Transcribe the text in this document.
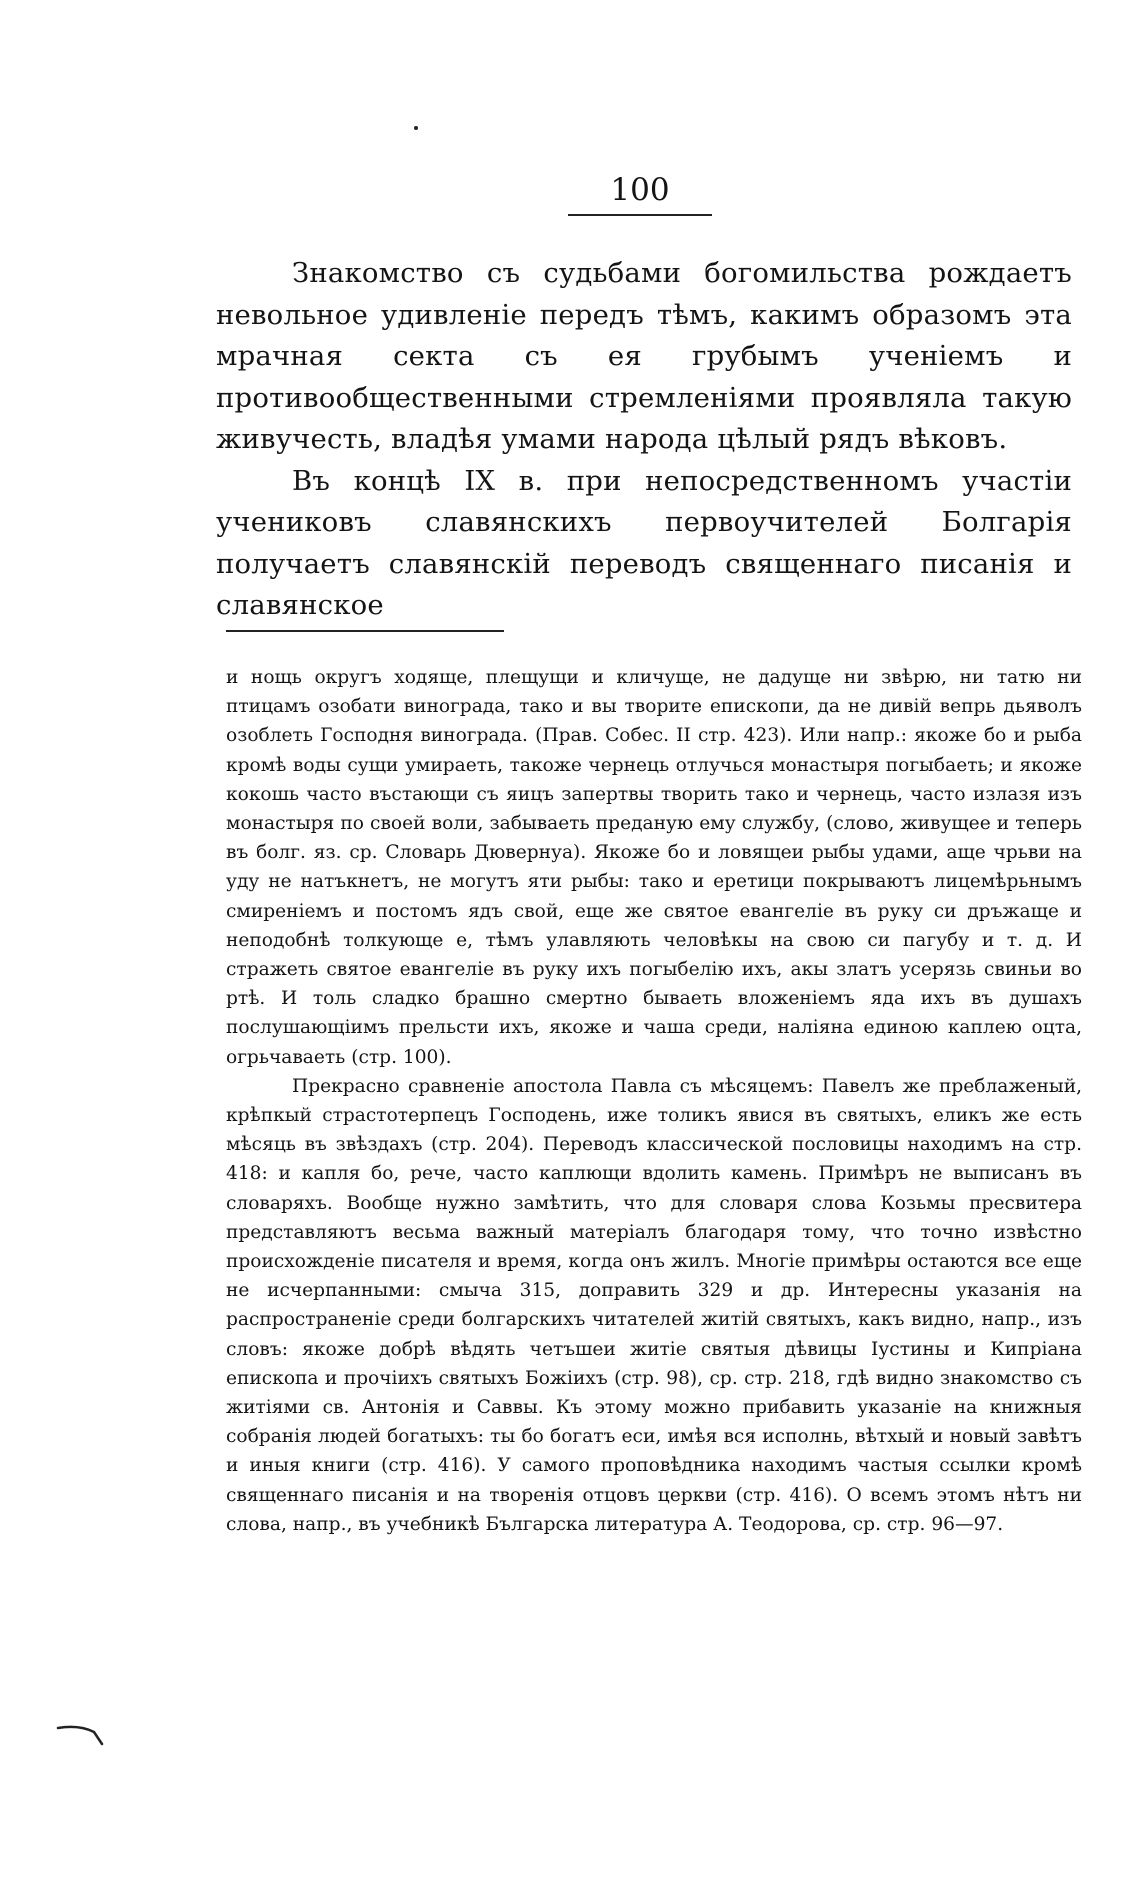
100

Знакомство съ судьбами богомильства рождаетъ невольное удивленіе передъ тѣмъ, какимъ образомъ эта мрачная секта съ ея грубымъ ученіемъ и противообщественными стремленіями проявляла такую живучесть, владѣя умами народа цѣлый рядъ вѣковъ.

Въ концѣ IX в. при непосредственномъ участіи учениковъ славянскихъ первоучителей Болгарія получаетъ славянскій переводъ священнаго писанія и славянское

и нощь округъ ходяще, плещущи и кличуще, не дадуще ни звѣрю, ни татю ни птицамъ озобати винограда, тако и вы творите епископи, да не дивій вепрь дьяволъ озоблеть Господня винограда. (Прав. Собес. II стр. 423). Или напр.: якоже бо и рыба кромѣ воды сущи умираеть, такоже чернець отлучься монастыря погыбаеть; и якоже кокошь часто въстающи съ яицъ запертвы творить тако и чернець, часто излазя изъ монастыря по своей воли, забываеть преданую ему службу, (слово, живущее и теперь въ болг. яз. ср. Словарь Дювернуа). Якоже бо и ловящеи рыбы удами, аще чрьви на уду не натъкнетъ, не могутъ яти рыбы: тако и еретици покрываютъ лицемѣрьнымъ смиреніемъ и постомъ ядъ свой, еще же святое евангеліе въ руку си дръжаще и неподобнѣ толкующе е, тѣмъ улавляють человѣкы на свою си пагубу и т. д. И стражеть святое евангеліе въ руку ихъ погыбелію ихъ, акы златъ усерязь свиньи во ртѣ. И толь сладко брашно смертно бываеть вложеніемъ яда ихъ въ душахъ послушающіимъ прельсти ихъ, якоже и чаша среди, наліяна единою каплею оцта, огрьчаваеть (стр. 100).

Прекрасно сравненіе апостола Павла съ мѣсяцемъ: Павелъ же преблаженый, крѣпкый страстотерпецъ Господень, иже толикъ явися въ святыхъ, еликъ же есть мѣсяць въ звѣздахъ (стр. 204). Переводъ классической пословицы находимъ на стр. 418: и капля бо, рече, часто каплющи вдолить камень. Примѣръ не выписанъ въ словаряхъ. Вообще нужно замѣтить, что для словаря слова Козьмы пресвитера представляютъ весьма важный матеріалъ благодаря тому, что точно извѣстно происхожденіе писателя и время, когда онъ жилъ. Многіе примѣры остаются все еще не исчерпанными: смыча 315, доправить 329 и др. Интересны указанія на распространеніе среди болгарскихъ читателей житій святыхъ, какъ видно, напр., изъ словъ: якоже добрѣ вѣдять четъшеи житіе святыя дѣвицы Іустины и Кипріана епископа и прочіихъ святыхъ Божіихъ (стр. 98), ср. стр. 218, гдѣ видно знакомство съ житіями св. Антонія и Саввы. Къ этому можно прибавить указаніе на книжныя собранія людей богатыхъ: ты бо богатъ еси, имѣя вся исполнь, вѣтхый и новый завѣтъ и иныя книги (стр. 416). У самого проповѣдника находимъ частыя ссылки кромѣ священнаго писанія и на творенія отцовъ церкви (стр. 416). О всемъ этомъ нѣтъ ни слова, напр., въ учебникѣ Българска литература А. Теодорова, ср. стр. 96—97.
